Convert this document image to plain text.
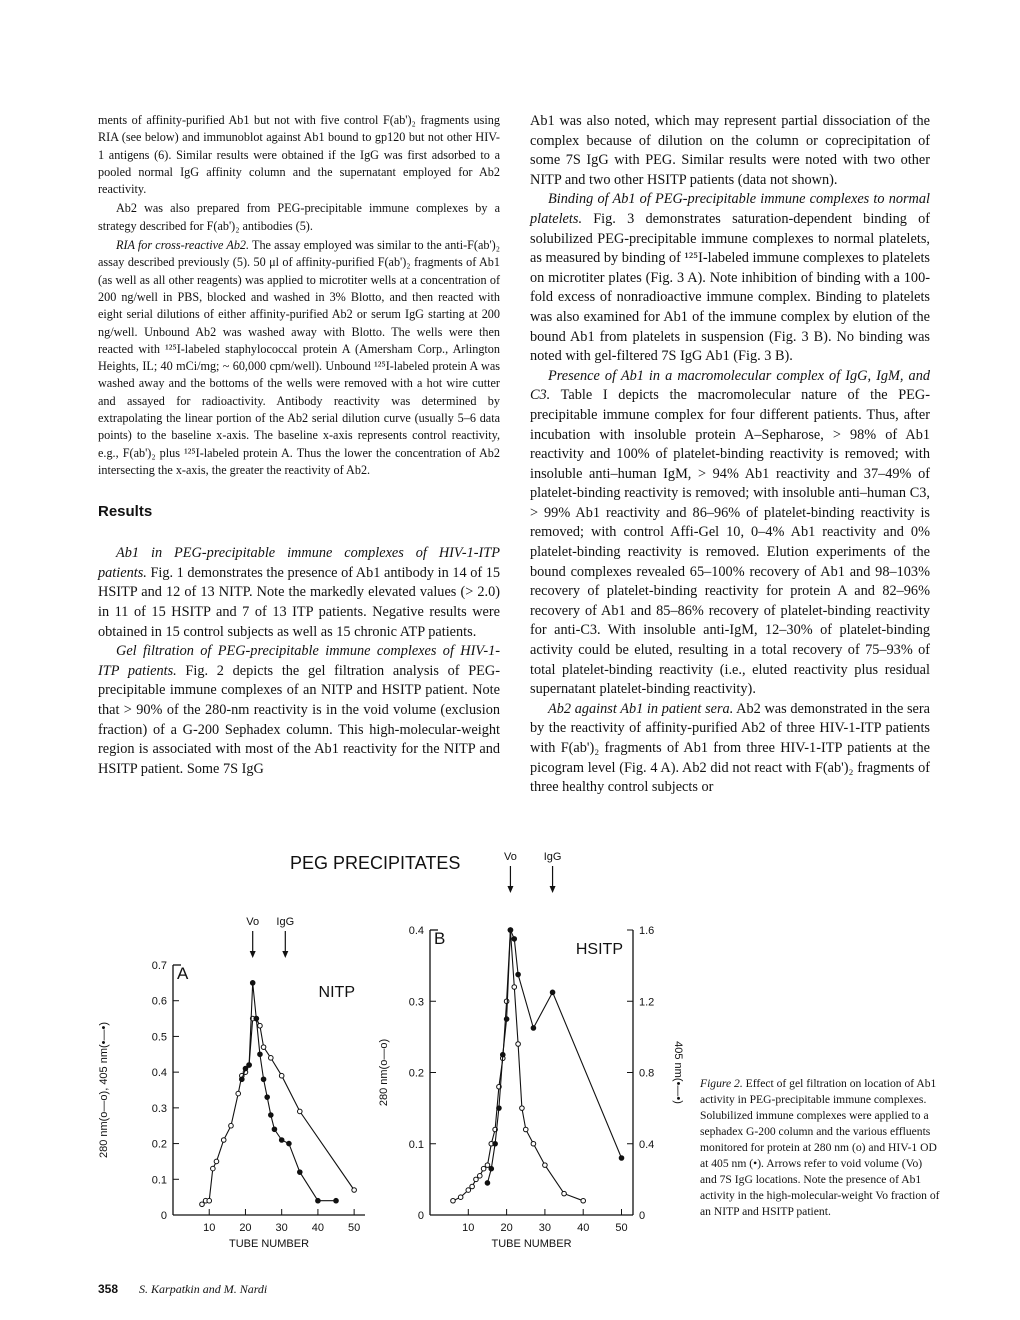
ments of affinity-purified Ab1 but not with five control F(ab')₂ fragments using RIA (see below) and immunoblot against Ab1 bound to gp120 but not other HIV-1 antigens (6). Similar results were obtained if the IgG was first adsorbed to a pooled normal IgG affinity column and the supernatant employed for Ab2 reactivity.

Ab2 was also prepared from PEG-precipitable immune complexes by a strategy described for F(ab')₂ antibodies (5).

RIA for cross-reactive Ab2. The assay employed was similar to the anti-F(ab')₂ assay described previously (5). 50 μl of affinity-purified F(ab')₂ fragments of Ab1 (as well as all other reagents) was applied to microtiter wells at a concentration of 200 ng/well in PBS, blocked and washed in 3% Blotto, and then reacted with eight serial dilutions of either affinity-purified Ab2 or serum IgG starting at 200 ng/well. Unbound Ab2 was washed away with Blotto. The wells were then reacted with ¹²⁵I-labeled staphylococcal protein A (Amersham Corp., Arlington Heights, IL; 40 mCi/mg; ~ 60,000 cpm/well). Unbound ¹²⁵I-labeled protein A was washed away and the bottoms of the wells were removed with a hot wire cutter and assayed for radioactivity. Antibody reactivity was determined by extrapolating the linear portion of the Ab2 serial dilution curve (usually 5–6 data points) to the baseline x-axis. The baseline x-axis represents control reactivity, e.g., F(ab')₂ plus ¹²⁵I-labeled protein A. Thus the lower the concentration of Ab2 intersecting the x-axis, the greater the reactivity of Ab2.

Results

Ab1 in PEG-precipitable immune complexes of HIV-1-ITP patients. Fig. 1 demonstrates the presence of Ab1 antibody in 14 of 15 HSITP and 12 of 13 NITP. Note the markedly elevated values (> 2.0) in 11 of 15 HSITP and 7 of 13 ITP patients. Negative results were obtained in 15 control subjects as well as 15 chronic ATP patients.

Gel filtration of PEG-precipitable immune complexes of HIV-1-ITP patients. Fig. 2 depicts the gel filtration analysis of PEG-precipitable immune complexes of an NITP and HSITP patient. Note that > 90% of the 280-nm reactivity is in the void volume (exclusion fraction) of a G-200 Sephadex column. This high-molecular-weight region is associated with most of the Ab1 reactivity for the NITP and HSITP patient. Some 7S IgG

Ab1 was also noted, which may represent partial dissociation of the complex because of dilution on the column or coprecipitation of some 7S IgG with PEG. Similar results were noted with two other NITP and two other HSITP patients (data not shown).

Binding of Ab1 of PEG-precipitable immune complexes to normal platelets. Fig. 3 demonstrates saturation-dependent binding of solubilized PEG-precipitable immune complexes to normal platelets, as measured by binding of ¹²⁵I-labeled immune complexes to platelets on microtiter plates (Fig. 3 A). Note inhibition of binding with a 100-fold excess of nonradioactive immune complex. Binding to platelets was also examined for Ab1 of the immune complex by elution of the bound Ab1 from platelets in suspension (Fig. 3 B). No binding was noted with gel-filtered 7S IgG Ab1 (Fig. 3 B).

Presence of Ab1 in a macromolecular complex of IgG, IgM, and C3. Table I depicts the macromolecular nature of the PEG-precipitable immune complex for four different patients. Thus, after incubation with insoluble protein A–Sepharose, > 98% of Ab1 reactivity and 100% of platelet-binding reactivity is removed; with insoluble anti–human IgM, > 94% Ab1 reactivity and 37–49% of platelet-binding reactivity is removed; with insoluble anti–human C3, > 99% Ab1 reactivity and 86–96% of platelet-binding reactivity is removed; with control Affi-Gel 10, 0–4% Ab1 reactivity and 0% platelet-binding reactivity is removed. Elution experiments of the bound complexes revealed 65–100% recovery of Ab1 and 98–103% recovery of platelet-binding reactivity for protein A and 82–96% recovery of Ab1 and 85–86% recovery of platelet-binding reactivity for anti-C3. With insoluble anti-IgM, 12–30% of platelet-binding activity could be eluted, resulting in a total recovery of 75–93% of total platelet-binding reactivity (i.e., eluted reactivity plus residual supernatant platelet-binding reactivity).

Ab2 against Ab1 in patient sera. Ab2 was demonstrated in the sera by the reactivity of affinity-purified Ab2 of three HIV-1-ITP patients with F(ab')₂ fragments of Ab1 from three HIV-1-ITP patients at the picogram level (Fig. 4 A). Ab2 did not react with F(ab')₂ fragments of three healthy control subjects or

PEG PRECIPITATES
0
0.1
0.2
0.3
0.4
0.5
0.6
0.7
10 20 30 40 50
TUBE NUMBER
A
NITP
280 nm(o—o), 405 nm(•—•)
Vo IgG
0
0.1
0.2
0.3
0.4
10 20 30 40 50
TUBE NUMBER
B
HSITP
280 nm(o—o)
0
0.4
0.8
1.2
1.6
405 nm(•—•)
Vo IgG
Figure 2. Effect of gel filtration on location of Ab1 activity in PEG-precipitable immune complexes. Solubilized immune complexes were applied to a sephadex G-200 column and the various effluents monitored for protein at 280 nm (o) and HIV-1 OD at 405 nm (•). Arrows refer to void volume (Vo) and 7S IgG locations. Note the presence of Ab1 activity in the high-molecular-weight Vo fraction of an NITP and HSITP patient.
358 S. Karpatkin and M. Nardi
